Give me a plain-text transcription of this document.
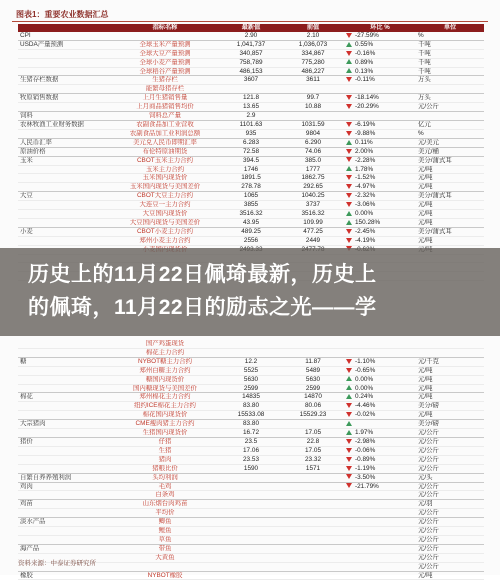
图表1：重要农业数据汇总
	指标名称	最新值	前值	环比 %	单位
CPI		2.90	2.10	-27.59%	%
USDA产量预测	全球玉米产量预测	1,041,737	1,036,073	0.55%	千吨
	全球大豆产量预测	340,857	334,867	-0.16%	千吨
	全球小麦产量预测	758,789	775,280	0.89%	千吨
	全球稻谷产量预测	486,153	486,227	0.13%	千吨
生猪存栏数据	生猪存栏	3607	3611	-0.11%	万头
	能繁母猪存栏				
牧原销售数据	上月生猪销售量	121.8	99.7	-18.14%	万头
	上月商品猪销售均价	13.65	10.88	-20.29%	元/公斤
饲料	饲料总产量	2.9			
农林牧渔工业财务数据	农副食品加工业营收	1101.63	1031.59	-6.19%	亿元
	农副食品加工业利润总额	935	9804	-9.88%	%
人民币汇率	美元兑人民币即期汇率	6.283	6.290	0.11%	元/美元
原油价格	布伦特原油期货	72.58	74.06	2.00%	美元/桶
玉米	CBOT玉米主力合约	394.5	385.0	-2.28%	美分/蒲式耳
	玉米主力合约	1746	1777	1.78%	元/吨
	玉米国内现货价	1891.5	1862.75	-1.52%	元/吨
	玉米国内现货与美国差价	278.78	292.65	-4.97%	元/吨
大豆	CBOT大豆主力合约	1065	1040.25	-2.32%	美分/蒲式耳
	大连豆一主力合约	3855	3737	-3.06%	元/吨
	大豆国内现货价	3516.32	3516.32	0.00%	元/吨
	大豆国内现货与美国差价	43.95	109.99	150.28%	元/吨
小麦	CBOT小麦主力合约	489.25	477.25	-2.45%	美分/蒲式耳
	郑州小麦主力合约	2556	2449	-4.19%	元/吨

	国产鸡蛋现货				
	棉花主力合约				
糖	NYBOT糖主力合约	12.2	11.87	-1.10%	元/千克
	郑州白糖主力合约	5525	5489	-0.65%	元/吨
	糖国内现货价	5630	5630	0.00%	元/吨
	国内糖现货与美国差价	2599	2599	0.00%	元/吨
棉花	郑州棉花主力合约	14835	14870	0.24%	元/吨
	纽约ICE棉花主力合约	83.80	80.06	-4.46%	美分/磅
	棉花国内现货价	15533.08	15529.23	-0.02%	元/吨
大宗猪肉	CME瘦肉猪主力合约	83.80			美分/磅
	生猪国内现货价	16.72	17.05	1.97%	元/公斤
猪价	仔猪	23.5	22.8	-2.98%	元/公斤
	生猪	17.06	17.05	-0.06%	元/公斤
	猪肉	23.53	23.32	-0.89%	元/公斤
	猪粮比价	1590	1571	-1.19%	元/公斤
自繁自养养殖利润	头均利润			-3.50%	元/头
鸡肉	毛鸡			-21.79%	元/公斤
	白条鸡				元/公斤
鸡苗	山东烟台肉鸡苗				元/羽
	平均价				元/公斤
淡水产品	鲫鱼				元/公斤
	鲤鱼				元/公斤
	草鱼				元/公斤
海产品	带鱼				元/公斤
	大黄鱼				元/公斤
					元/公斤
橡胶	NYBOT橡胶				元/吨
资料来源：中泰证券研究所
历史上的11月22日佩琦最新，历史上
的佩琦，11月22日的励志之光——学
